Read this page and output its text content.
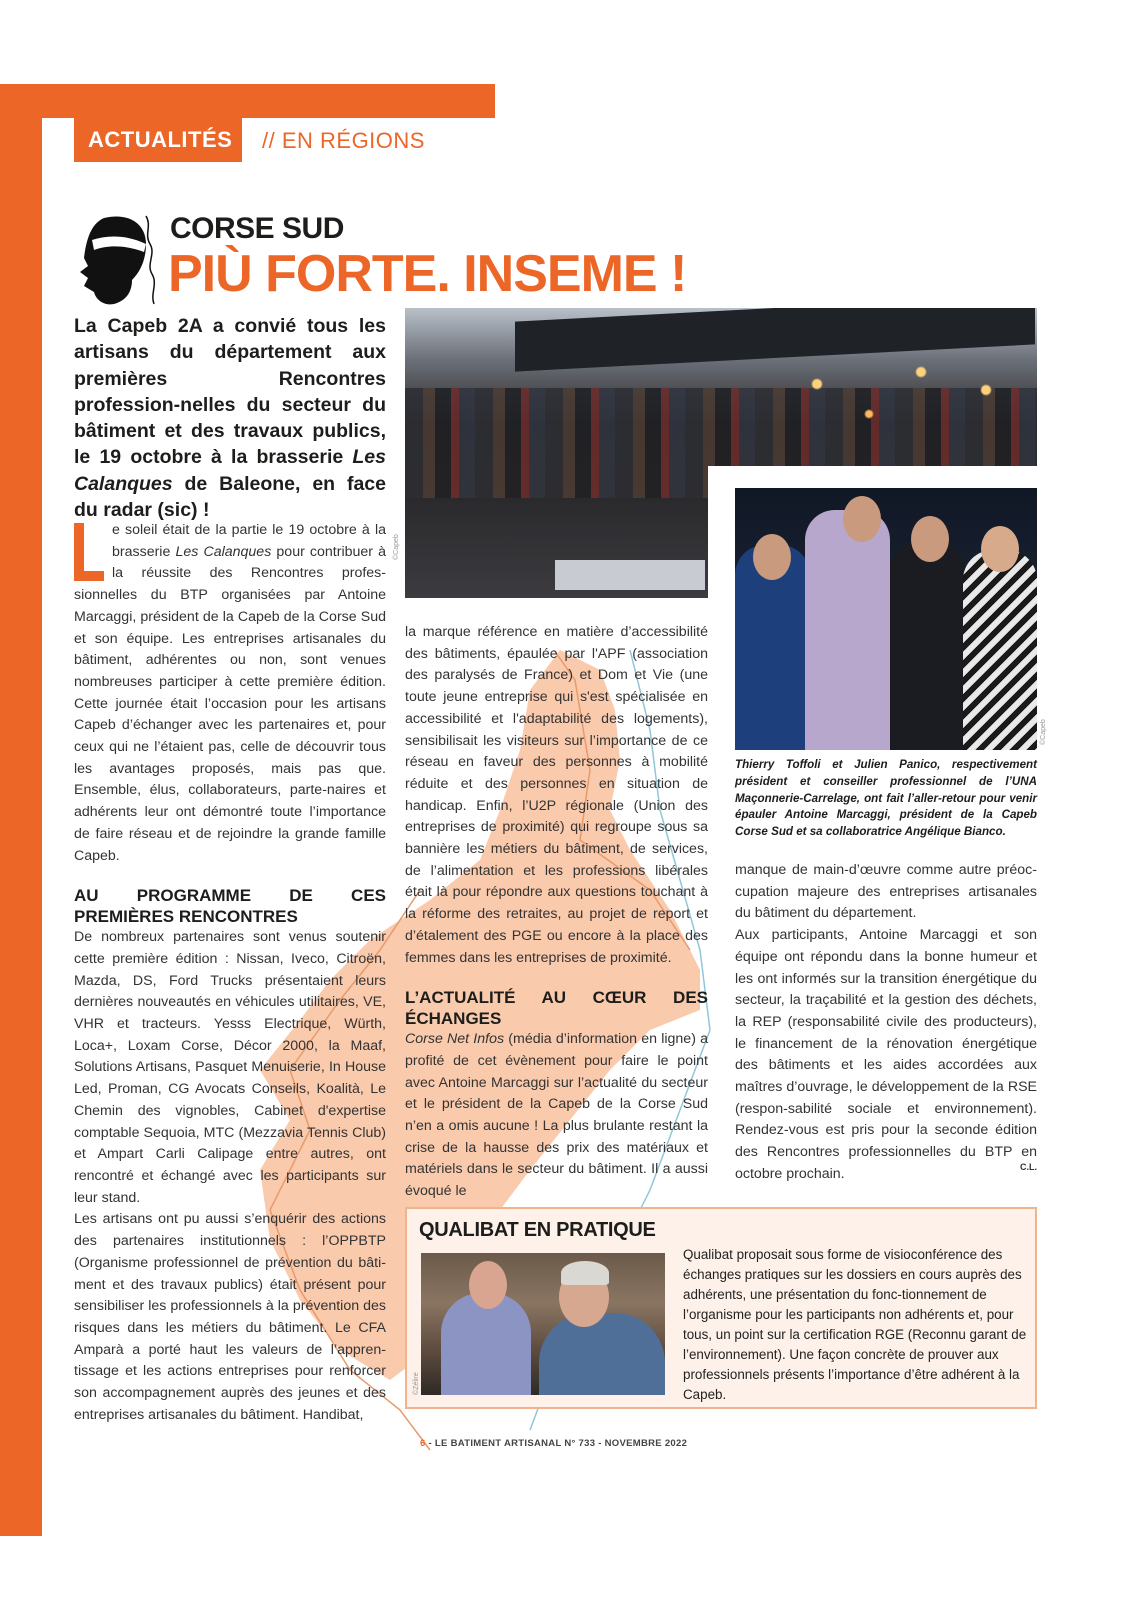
ACTUALITÉS // EN RÉGIONS
CORSE SUD
PIÙ FORTE. INSEME !

La Capeb 2A a convié tous les artisans du département aux premières Rencontres profession-nelles du secteur du bâtiment et des travaux publics, le 19 octobre à la brasserie Les Calanques de Baleone, en face du radar (sic) !

e soleil était de la partie le 19 octobre à la brasserie Les Calanques pour contribuer à la réussite des Rencontres profes-sionnelles du BTP organisées par Antoine Marcaggi, président de la Capeb de la Corse Sud et son équipe. Les entreprises artisanales du bâtiment, adhérentes ou non, sont venues nombreuses participer à cette première édition. Cette journée était l’occasion pour les artisans Capeb d’échanger avec les partenaires et, pour ceux qui ne l’étaient pas, celle de découvrir tous les avantages proposés, mais pas que. Ensemble, élus, collaborateurs, parte-naires et adhérents leur ont démontré toute l’importance de faire réseau et de rejoindre la grande famille Capeb.

AU PROGRAMME DE CES PREMIÈRES RENCONTRES

De nombreux partenaires sont venus soutenir cette première édition : Nissan, Iveco, Citroën, Mazda, DS, Ford Trucks présentaient leurs dernières nouveautés en véhicules utilitaires, VE, VHR et tracteurs. Yesss Electrique, Würth, Loca+, Loxam Corse, Décor 2000, la Maaf, Solutions Artisans, Pasquet Menuiserie, In House Led, Proman, CG Avocats Conseils, Koalità, Le Chemin des vignobles, Cabinet d'expertise comptable Sequoia, MTC (Mezzavia Tennis Club) et Ampart Carli Calipage entre autres, ont rencontré et échangé avec les participants sur leur stand.

Les artisans ont pu aussi s’enquérir des actions des partenaires institutionnels : l’OPPBTP (Organisme professionnel de prévention du bâti-ment et des travaux publics) était présent pour sensibiliser les professionnels à la prévention des risques dans les métiers du bâtiment. Le CFA Amparà a porté haut les valeurs de l’appren-tissage et les actions entreprises pour renforcer son accompagnement auprès des jeunes et des entreprises artisanales du bâtiment. Handibat,

©Capeb
©Capeb

Thierry Toffoli et Julien Panico, respectivement président et conseiller professionnel de l’UNA Maçonnerie-Carrelage, ont fait l’aller-retour pour venir épauler Antoine Marcaggi, président de la Capeb Corse Sud et sa collaboratrice Angélique Bianco.

la marque référence en matière d’accessibilité des bâtiments, épaulée par l'APF (association des paralysés de France) et Dom et Vie (une toute jeune entreprise qui s'est spécialisée en accessibilité et l'adaptabilité des logements), sensibilisait les visiteurs sur l’importance de ce réseau en faveur des personnes à mobilité réduite et des personnes en situation de handicap. Enfin, l’U2P régionale (Union des entreprises de proximité) qui regroupe sous sa bannière les métiers du bâtiment, de services, de l’alimentation et les professions libérales était là pour répondre aux questions touchant à la réforme des retraites, au projet de report et d’étalement des PGE ou encore à la place des femmes dans les entreprises de proximité.

L’ACTUALITÉ AU CŒUR DES ÉCHANGES

Corse Net Infos (média d’information en ligne) a profité de cet évènement pour faire le point avec Antoine Marcaggi sur l’actualité du secteur et le président de la Capeb de la Corse Sud n’en a omis aucune ! La plus brulante restant la crise de la hausse des prix des matériaux et matériels dans le secteur du bâtiment. Il a aussi évoqué le

manque de main-d’œuvre comme autre préoc-cupation majeure des entreprises artisanales du bâtiment du département.

Aux participants, Antoine Marcaggi et son équipe ont répondu dans la bonne humeur et les ont informés sur la transition énergétique du secteur, la traçabilité et la gestion des déchets, la REP (responsabilité civile des producteurs), le financement de la rénovation énergétique des bâtiments et les aides accordées aux maîtres d’ouvrage, le développement de la RSE (respon-sabilité sociale et environnement). Rendez-vous est pris pour la seconde édition des Rencontres professionnelles du BTP en octobre prochain.	C.L.
QUALIBAT EN PRATIQUE
©Zélire

Qualibat proposait sous forme de visioconférence des échanges pratiques sur les dossiers en cours auprès des adhérents, une présentation du fonc-tionnement de l’organisme pour les participants non adhérents et, pour tous, un point sur la certification RGE (Reconnu garant de l’environnement). Une façon concrète de prouver aux professionnels présents l’importance d’être adhérent à la Capeb.

6 - LE BATIMENT ARTISANAL N° 733 - NOVEMBRE 2022
